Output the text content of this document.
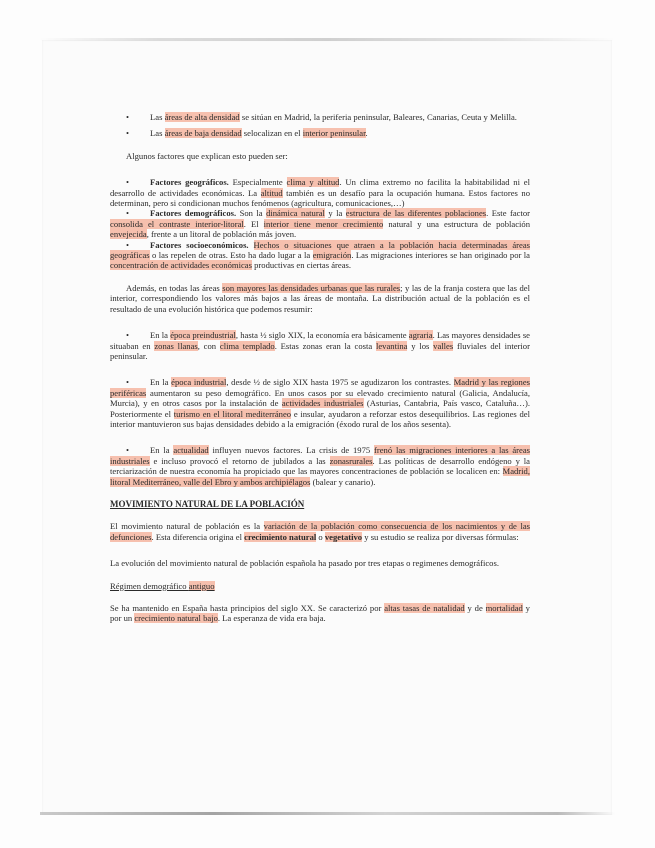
• Las áreas de alta densidad se sitúan en Madrid, la periferia peninsular, Baleares, Canarias, Ceuta y Melilla.

• Las áreas de baja densidad selocalizan en el interior peninsular.

Algunos factores que explican esto pueden ser:

• Factores geográficos. Especialmente clima y altitud. Un clima extremo no facilita la habitabilidad ni el desarrollo de actividades económicas. La altitud también es un desafío para la ocupación humana. Estos factores no determinan, pero si condicionan muchos fenómenos (agricultura, comunicaciones,…)

• Factores demográficos. Son la dinámica natural y la estructura de las diferentes poblaciones. Este factor consolida el contraste interior-litoral. El interior tiene menor crecimiento natural y una estructura de población envejecida, frente a un litoral de población más joven.

• Factores socioeconómicos. Hechos o situaciones que atraen a la población hacia determinadas áreas geográficas o las repelen de otras. Esto ha dado lugar a la emigración. Las migraciones interiores se han originado por la concentración de actividades económicas productivas en ciertas áreas.

Además, en todas las áreas son mayores las densidades urbanas que las rurales; y las de la franja costera que las del interior, correspondiendo los valores más bajos a las áreas de montaña. La distribución actual de la población es el resultado de una evolución histórica que podemos resumir:

• En la época preindustrial, hasta ½ siglo XIX, la economía era básicamente agraria. Las mayores densidades se situaban en zonas llanas, con clima templado. Estas zonas eran la costa levantina y los valles fluviales del interior peninsular.

• En la época industrial, desde ½ de siglo XIX hasta 1975 se agudizaron los contrastes. Madrid y las regiones periféricas aumentaron su peso demográfico. En unos casos por su elevado crecimiento natural (Galicia, Andalucía, Murcia), y en otros casos por la instalación de actividades industriales (Asturias, Cantabria, País vasco, Cataluña…). Posteriormente el turismo en el litoral mediterráneo e insular, ayudaron a reforzar estos desequilibrios. Las regiones del interior mantuvieron sus bajas densidades debido a la emigración (éxodo rural de los años sesenta).

• En la actualidad influyen nuevos factores. La crisis de 1975 frenó las migraciones interiores a las áreas industriales e incluso provocó el retorno de jubilados a las zonasrurales. Las políticas de desarrollo endógeno y la terciarización de nuestra economía ha propiciado que las mayores concentraciones de población se localicen en: Madrid, litoral Mediterráneo, valle del Ebro y ambos archipiélagos (balear y canario).

MOVIMIENTO NATURAL DE LA POBLACIÓN

El movimiento natural de población es la variación de la población como consecuencia de los nacimientos y de las defunciones. Esta diferencia origina el crecimiento natural o vegetativo y su estudio se realiza por diversas fórmulas:

La evolución del movimiento natural de población española ha pasado por tres etapas o regimenes demográficos.

Régimen demográfico antiguo

Se ha mantenido en España hasta principios del siglo XX. Se caracterizó por altas tasas de natalidad y de mortalidad y por un crecimiento natural bajo. La esperanza de vida era baja.
